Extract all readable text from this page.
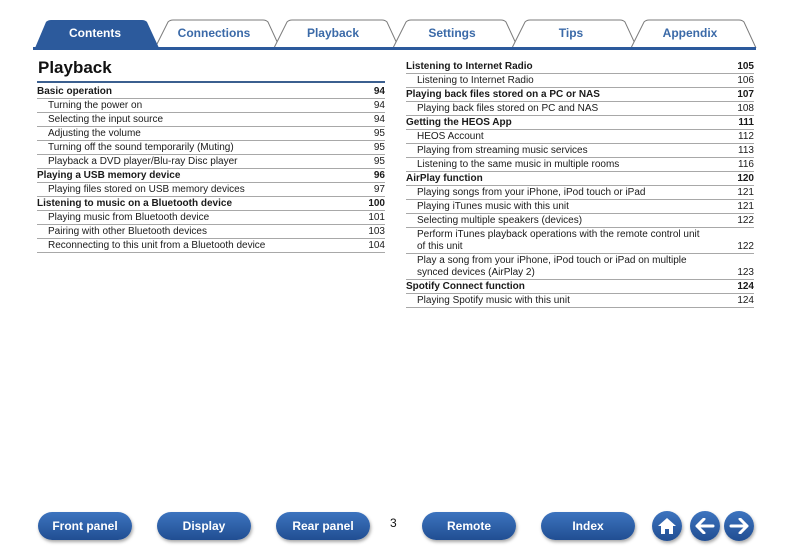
Contents	Connections	Playback	Settings	Tips	Appendix
Playback
Basic operation	94
Turning the power on	94
Selecting the input source	94
Adjusting the volume	95
Turning off the sound temporarily (Muting)	95
Playback a DVD player/Blu-ray Disc player	95
Playing a USB memory device	96
Playing files stored on USB memory devices	97
Listening to music on a Bluetooth device	100
Playing music from Bluetooth device	101
Pairing with other Bluetooth devices	103
Reconnecting to this unit from a Bluetooth device	104
Listening to Internet Radio	105
Listening to Internet Radio	106
Playing back files stored on a PC or NAS	107
Playing back files stored on PC and NAS	108
Getting the HEOS App	111
HEOS Account	112
Playing from streaming music services	113
Listening to the same music in multiple rooms	116
AirPlay function	120
Playing songs from your iPhone, iPod touch or iPad	121
Playing iTunes music with this unit	121
Selecting multiple speakers (devices)	122
Perform iTunes playback operations with the remote control unit
of this unit	122
Play a song from your iPhone, iPod touch or iPad on multiple
synced devices (AirPlay 2)	123
Spotify Connect function	124
Playing Spotify music with this unit	124
Front panel	Display	Rear panel	3	Remote	Index
